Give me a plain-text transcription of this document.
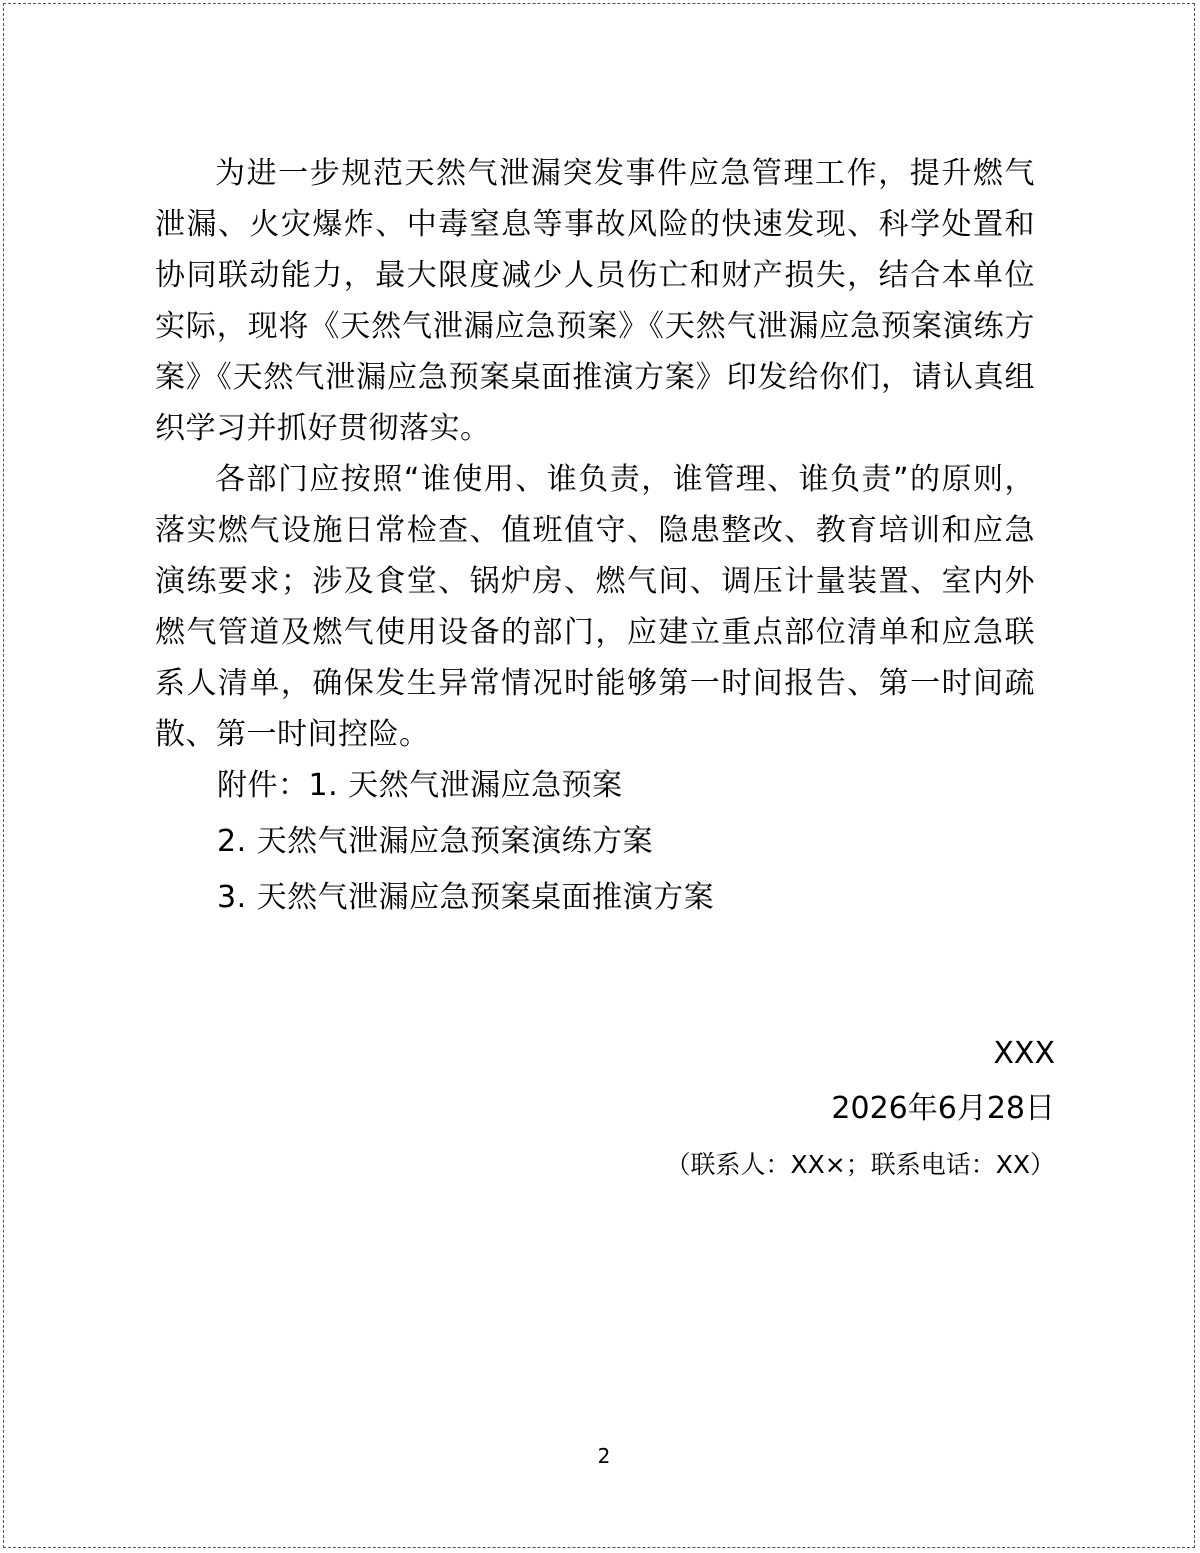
为进一步规范天然气泄漏突发事件应急管理工作，提升燃气泄漏、火灾爆炸、中毒窒息等事故风险的快速发现、科学处置和协同联动能力，最大限度减少人员伤亡和财产损失，结合本单位实际，现将《天然气泄漏应急预案》《天然气泄漏应急预案演练方案》《天然气泄漏应急预案桌面推演方案》印发给你们，请认真组织学习并抓好贯彻落实。

各部门应按照“谁使用、谁负责，谁管理、谁负责”的原则，落实燃气设施日常检查、值班值守、隐患整改、教育培训和应急演练要求；涉及食堂、锅炉房、燃气间、调压计量装置、室内外燃气管道及燃气使用设备的部门，应建立重点部位清单和应急联系人清单，确保发生异常情况时能够第一时间报告、第一时间疏散、第一时间控险。

附件：1. 天然气泄漏应急预案

2. 天然气泄漏应急预案演练方案

3. 天然气泄漏应急预案桌面推演方案

XXX
2026年6月28日
（联系人：XX×；联系电话：XX）
2
